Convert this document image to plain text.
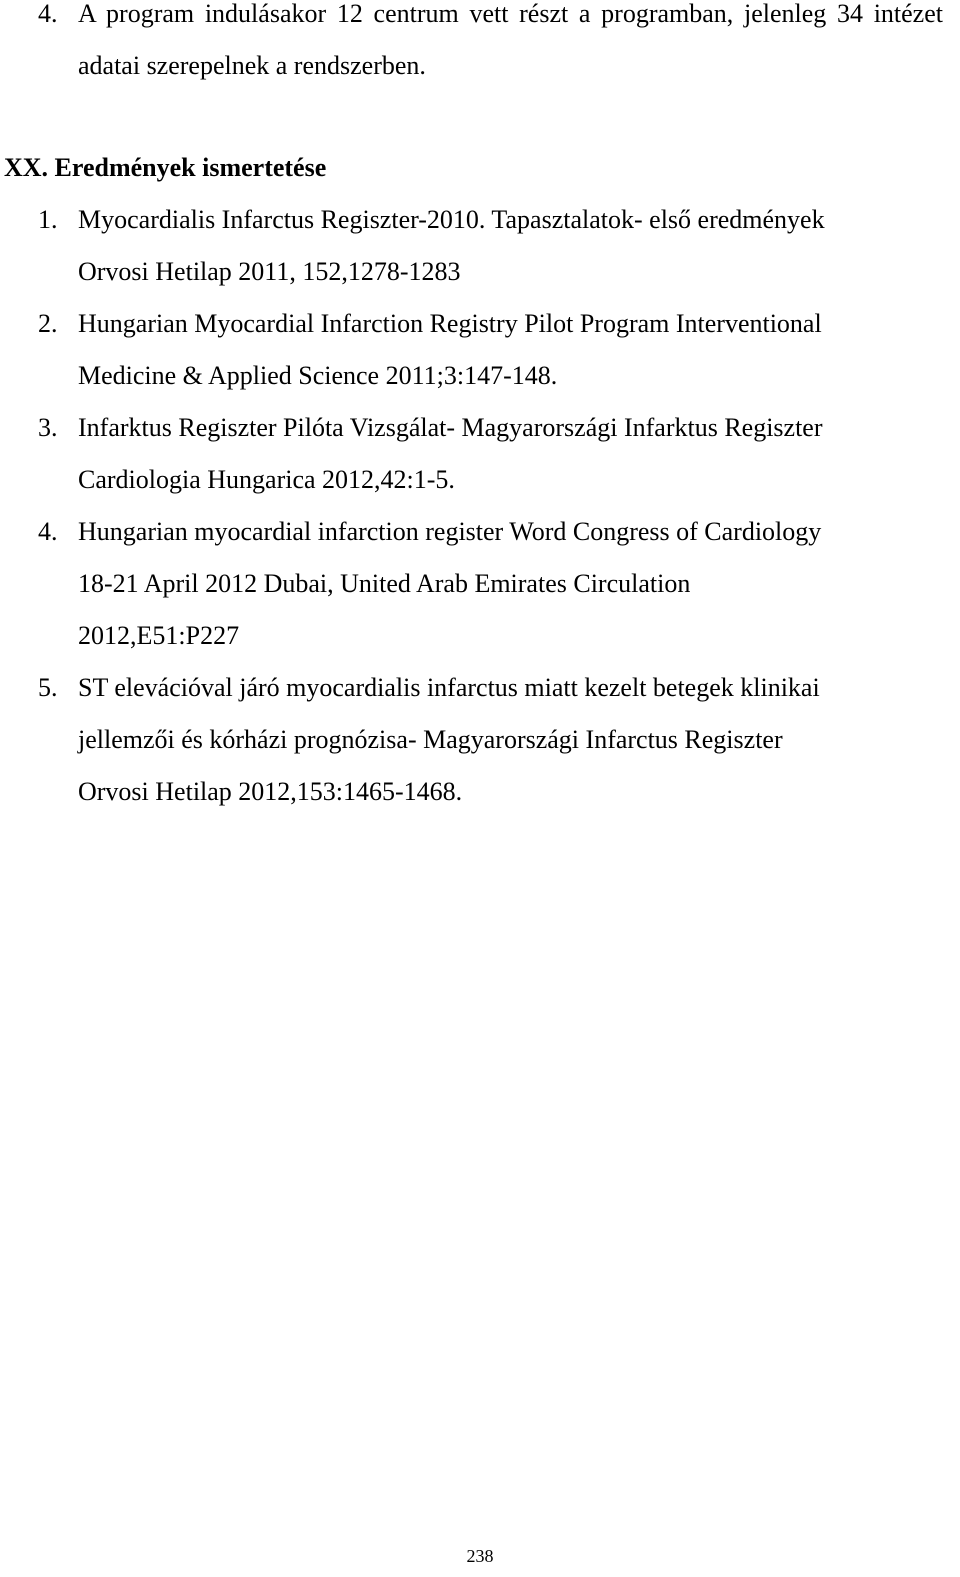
4. A program indulásakor 12 centrum vett részt a programban, jelenleg 34 intézet adatai szerepelnek a rendszerben.
XX. Eredmények ismertetése
1. Myocardialis Infarctus Regiszter-2010. Tapasztalatok- első eredmények
Orvosi Hetilap 2011, 152,1278-1283
2. Hungarian Myocardial Infarction Registry Pilot Program Interventional
Medicine & Applied Science 2011;3:147-148.
3. Infarktus Regiszter Pilóta Vizsgálat- Magyarországi Infarktus Regiszter
Cardiologia Hungarica 2012,42:1-5.
4. Hungarian myocardial infarction register Word Congress of Cardiology
18-21 April 2012 Dubai, United Arab Emirates Circulation
2012,E51:P227
5. ST elevációval járó myocardialis infarctus miatt kezelt betegek klinikai
jellemzői és kórházi prognózisa- Magyarországi Infarctus Regiszter
Orvosi Hetilap 2012,153:1465-1468.
238
